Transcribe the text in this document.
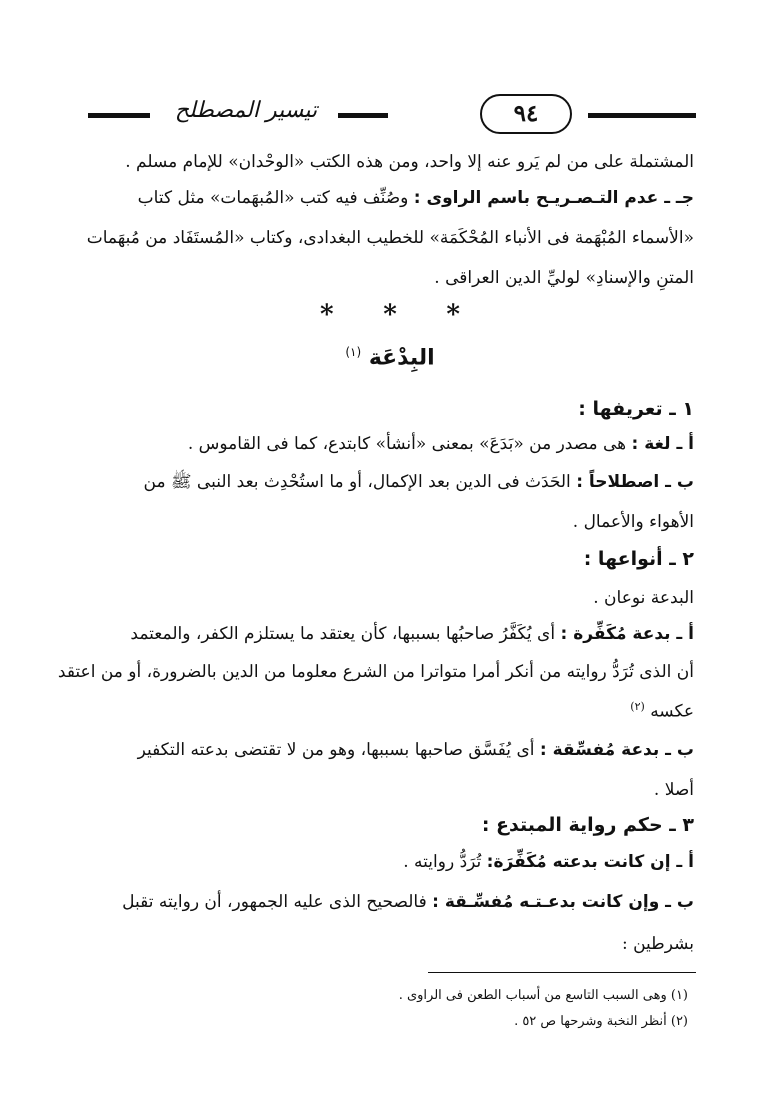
تيسير المصطلح	٩٤
المشتملة على من لم يَرو عنه إلا واحد، ومن هذه الكتب «الوحْدان» للإمام مسلم .
جـ ـ عدم التـصـريـح باسم الراوى : وصُنِّف فيه كتب «المُبهَمات» مثل كتاب
«الأسماء المُبْهَمة فى الأنباء المُحْكَمَة» للخطيب البغدادى، وكتاب «المُستَفَاد من مُبهَمات
المتنِ والإسنادِ» لوليِّ الدين العراقى .
* * *
البِدْعَة $^{(١)}$
١ ـ تعريفها :
أ ـ لغة : هى مصدر من «بَدَعَ» بمعنى «أنشأ» كابتدع، كما فى القاموس .
ب ـ اصطلاحاً : الحَدَث فى الدين بعد الإكمال، أو ما استُحْدِث بعد النبى ﷺ من
الأهواء والأعمال .
٢ ـ أنواعها :
البدعة نوعان .
أ ـ بدعة مُكَفِّرة : أى يُكَفَّرُ صاحبُها بسببها، كأن يعتقد ما يستلزم الكفر، والمعتمد
أن الذى تُرَدُّ روايته من أنكر أمرا متواترا من الشرع معلوما من الدين بالضرورة، أو من اعتقد
عكسه $^{(٢)}$
ب ـ بدعة مُفسِّقة : أى يُفَسَّق صاحبها بسببها، وهو من لا تقتضى بدعته التكفير
أصلا .
٣ ـ حكم رواية المبتدع :
أ ـ إن كانت بدعته مُكَفِّرَة: تُرَدُّ روايته .
ب ـ وإن كانت بدعـتـه مُفسِّـقة : فالصحيح الذى عليه الجمهور، أن روايته تقبل
بشرطين :
(١) وهى السبب التاسع من أسباب الطعن فى الراوى .
(٢) أنظر النخبة وشرحها ص ٥٢ .
